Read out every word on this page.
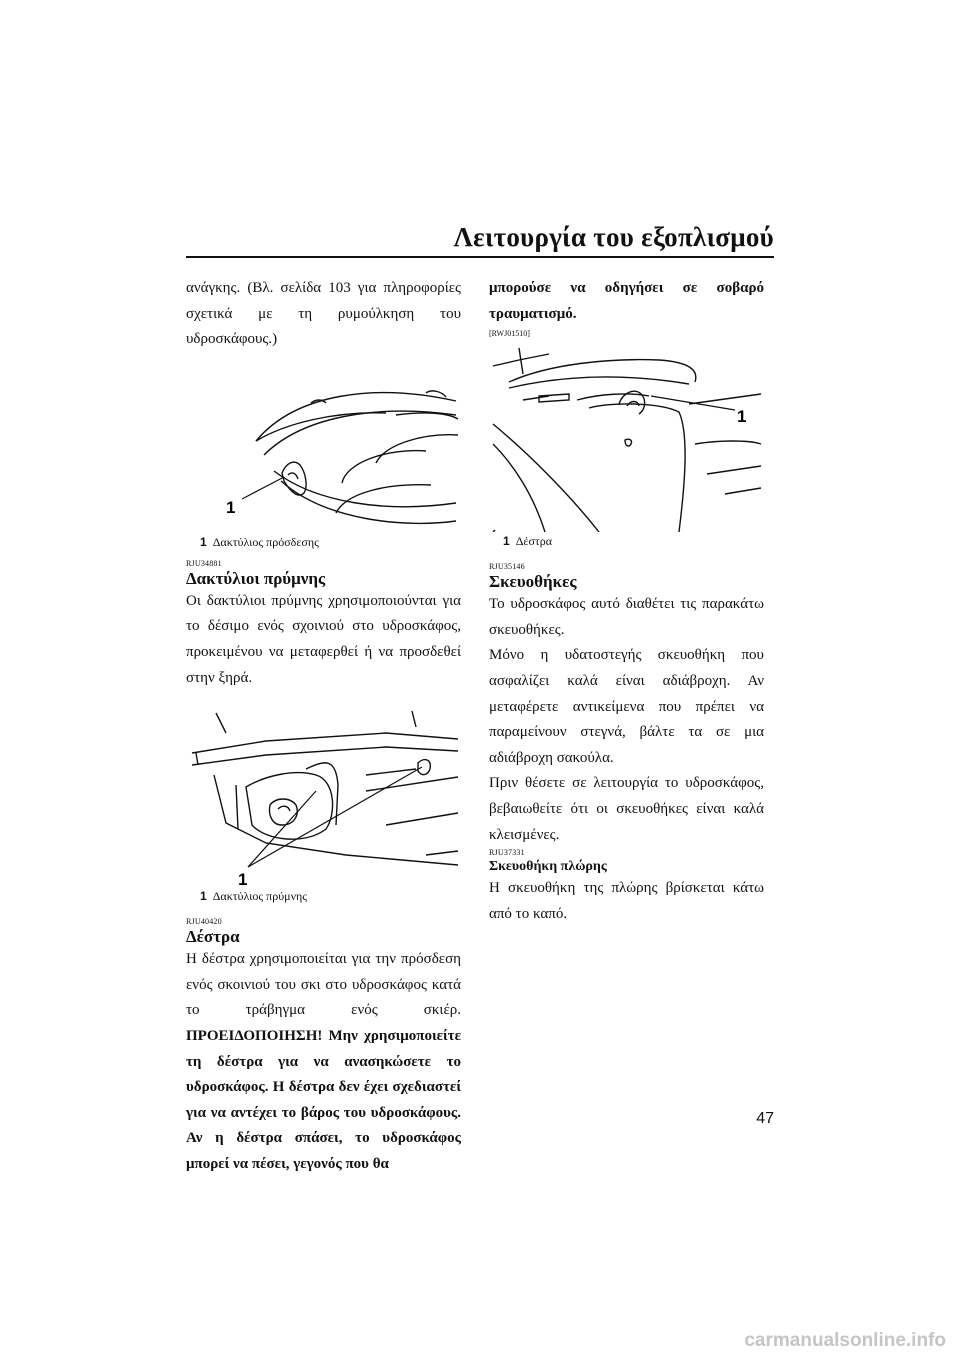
Λειτουργία του εξοπλισμού

ανάγκης. (Βλ. σελίδα 103 για πληροφορίες σχετικά με τη ρυμούλκηση του υδροσκάφους.)

1
1 Δακτύλιος πρόσδεσης

RJU34881

Δακτύλιοι πρύμνης

Οι δακτύλιοι πρύμνης χρησιμοποιούνται για το δέσιμο ενός σχοινιού στο υδροσκάφος, προκειμένου να μεταφερθεί ή να προσδεθεί στην ξηρά.

1
1 Δακτύλιος πρύμνης

RJU40420

Δέστρα

Η δέστρα χρησιμοποιείται για την πρόσδεση ενός σκοινιού του σκι στο υδροσκάφος κατά το τράβηγμα ενός σκιέρ. ΠΡΟΕΙΔΟΠΟΙΗΣΗ! Μην χρησιμοποιείτε τη δέστρα για να ανασηκώσετε το υδροσκάφος. Η δέστρα δεν έχει σχεδιαστεί για να αντέχει το βάρος του υδροσκάφους. Αν η δέστρα σπάσει, το υδροσκάφος μπορεί να πέσει, γεγονός που θα

μπορούσε να οδηγήσει σε σοβαρό τραυματισμό.

[RWJ01510]

1
1 Δέστρα

RJU35146

Σκευοθήκες

Το υδροσκάφος αυτό διαθέτει τις παρακάτω σκευοθήκες.

Μόνο η υδατοστεγής σκευοθήκη που ασφαλίζει καλά είναι αδιάβροχη. Αν μεταφέρετε αντικείμενα που πρέπει να παραμείνουν στεγνά, βάλτε τα σε μια αδιάβροχη σακούλα.

Πριν θέσετε σε λειτουργία το υδροσκάφος, βεβαιωθείτε ότι οι σκευοθήκες είναι καλά κλεισμένες.

RJU37331

Σκευοθήκη πλώρης

Η σκευοθήκη της πλώρης βρίσκεται κάτω από το καπό.

47
carmanualsonline.info
